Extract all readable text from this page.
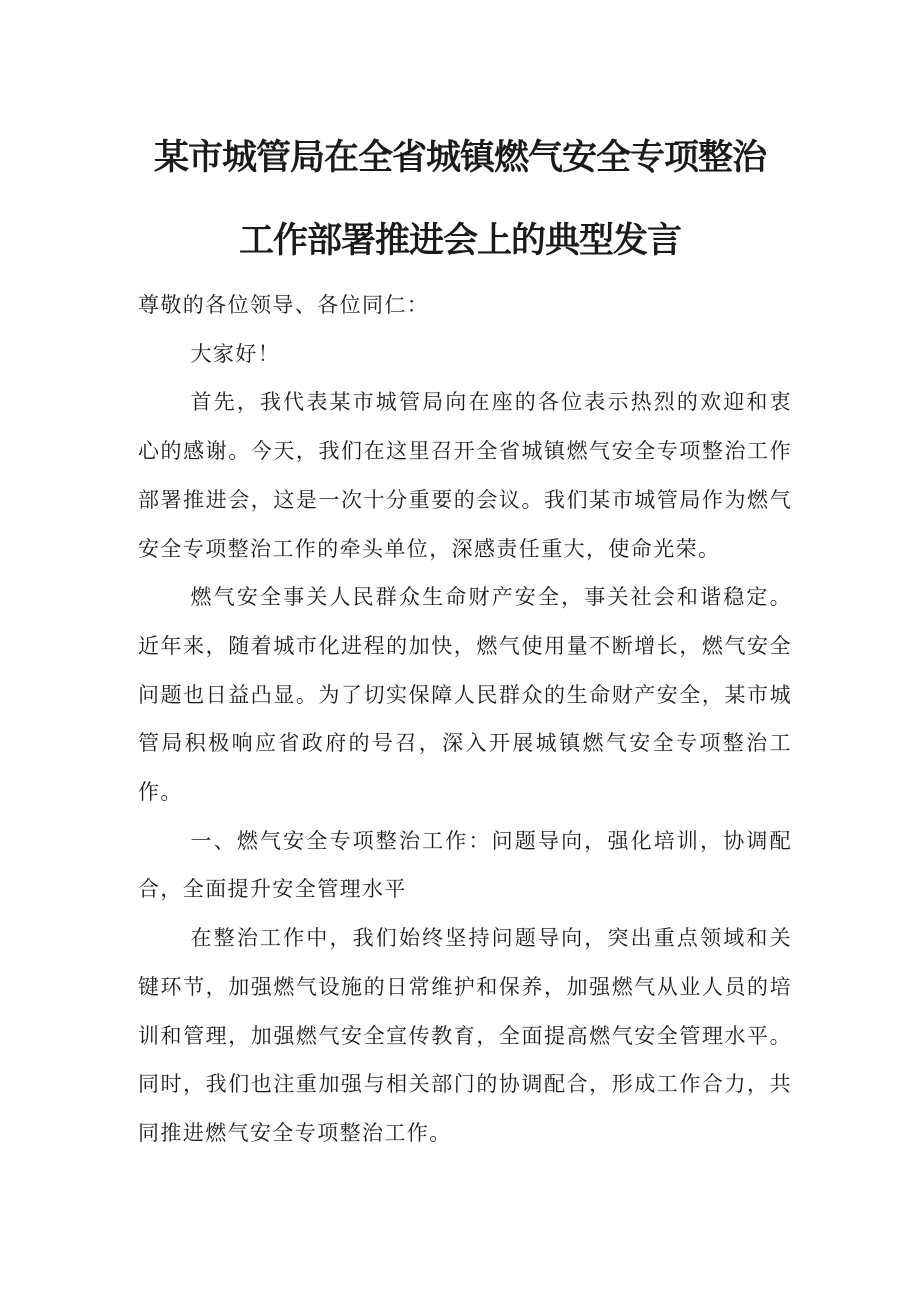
某市城管局在全省城镇燃气安全专项整治
工作部署推进会上的典型发言

尊敬的各位领导、各位同仁：

大家好！

首先，我代表某市城管局向在座的各位表示热烈的欢迎和衷心的感谢。今天，我们在这里召开全省城镇燃气安全专项整治工作部署推进会，这是一次十分重要的会议。我们某市城管局作为燃气安全专项整治工作的牵头单位，深感责任重大，使命光荣。

燃气安全事关人民群众生命财产安全，事关社会和谐稳定。近年来，随着城市化进程的加快，燃气使用量不断增长，燃气安全问题也日益凸显。为了切实保障人民群众的生命财产安全，某市城管局积极响应省政府的号召，深入开展城镇燃气安全专项整治工作。

一、燃气安全专项整治工作：问题导向，强化培训，协调配合，全面提升安全管理水平

在整治工作中，我们始终坚持问题导向，突出重点领域和关键环节，加强燃气设施的日常维护和保养，加强燃气从业人员的培训和管理，加强燃气安全宣传教育，全面提高燃气安全管理水平。同时，我们也注重加强与相关部门的协调配合，形成工作合力，共同推进燃气安全专项整治工作。
